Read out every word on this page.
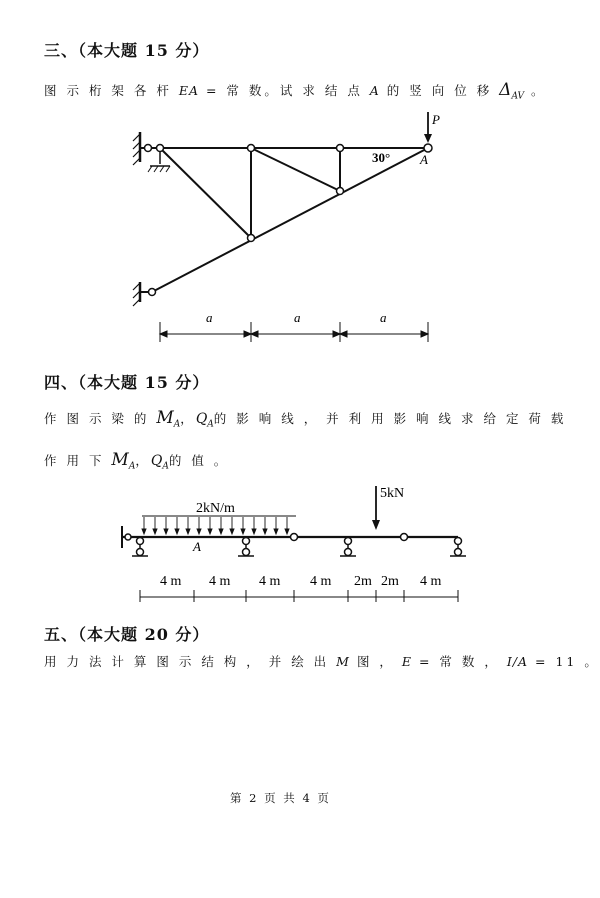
三、（本大题 15 分）
图 示 桁 架 各 杆 EA = 常 数。试 求 结 点 A 的 竖 向 位 移 $\Delta_{AV}$ 。
P
30° A
a	a	a
2kN/m
5kN
A
4 m 4 m 4 m 4 m 2m 2m 4 m
四、（本大题 15 分）
作 图 示 梁 的 $M_A$，$Q_A$的 影 响 线 ， 并 利 用 影 响 线 求 给 定 荷 载
作 用 下 $M_A$，$Q_A$的 值 。
五、（本大题 20 分）
用 力 法 计 算 图 示 结 构 ， 并 绘 出 M 图 ， E = 常 数 ， I/A = 11 。
第 2 页 共 4 页
